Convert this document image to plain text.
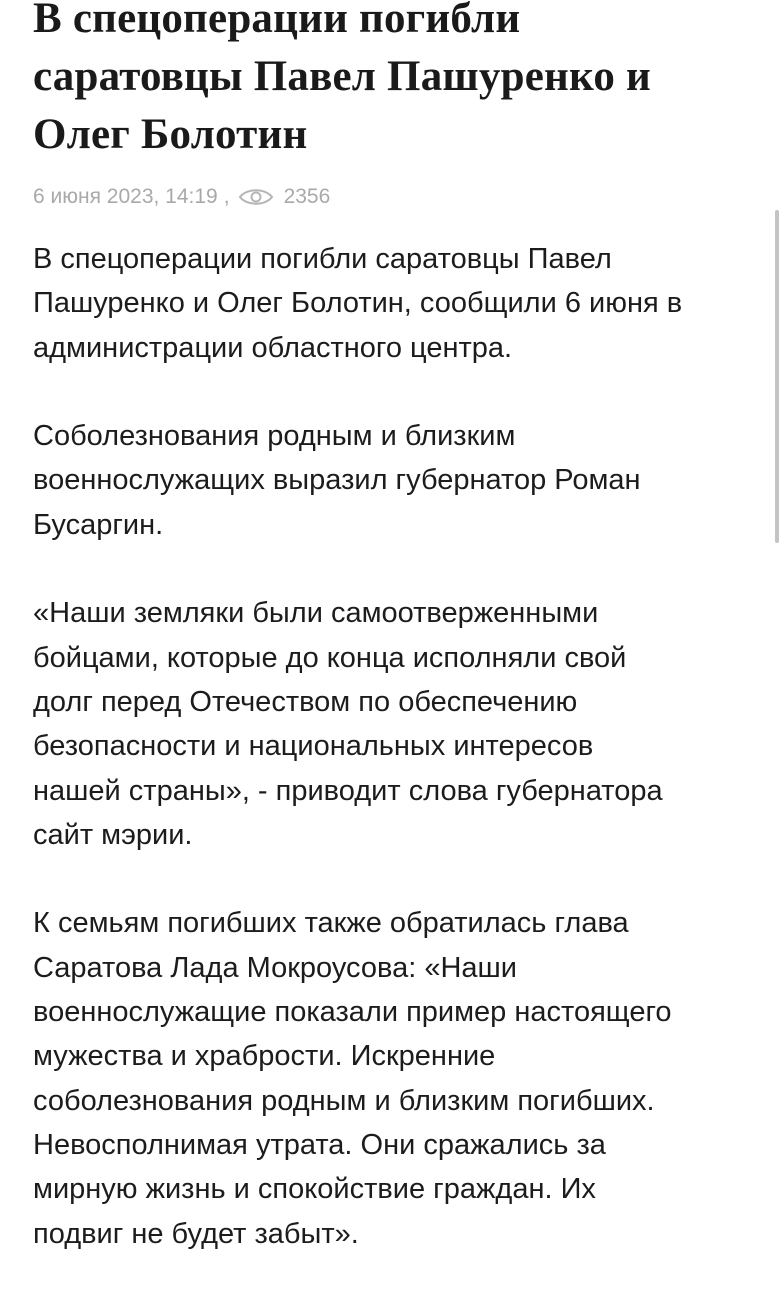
В спецоперации погибли
саратовцы Павел Пашуренко и
Олег Болотин
6 июня 2023, 14:19 ,	2356

В спецоперации погибли саратовцы Павел
Пашуренко и Олег Болотин, сообщили 6 июня в
администрации областного центра.

Соболезнования родным и близким
военнослужащих выразил губернатор Роман
Бусаргин.

«Наши земляки были самоотверженными
бойцами, которые до конца исполняли свой
долг перед Отечеством по обеспечению
безопасности и национальных интересов
нашей страны», - приводит слова губернатора
сайт мэрии.

К семьям погибших также обратилась глава
Саратова Лада Мокроусова: «Наши
военнослужащие показали пример настоящего
мужества и храбрости. Искренние
соболезнования родным и близким погибших.
Невосполнимая утрата. Они сражались за
мирную жизнь и спокойствие граждан. Их
подвиг не будет забыт».
